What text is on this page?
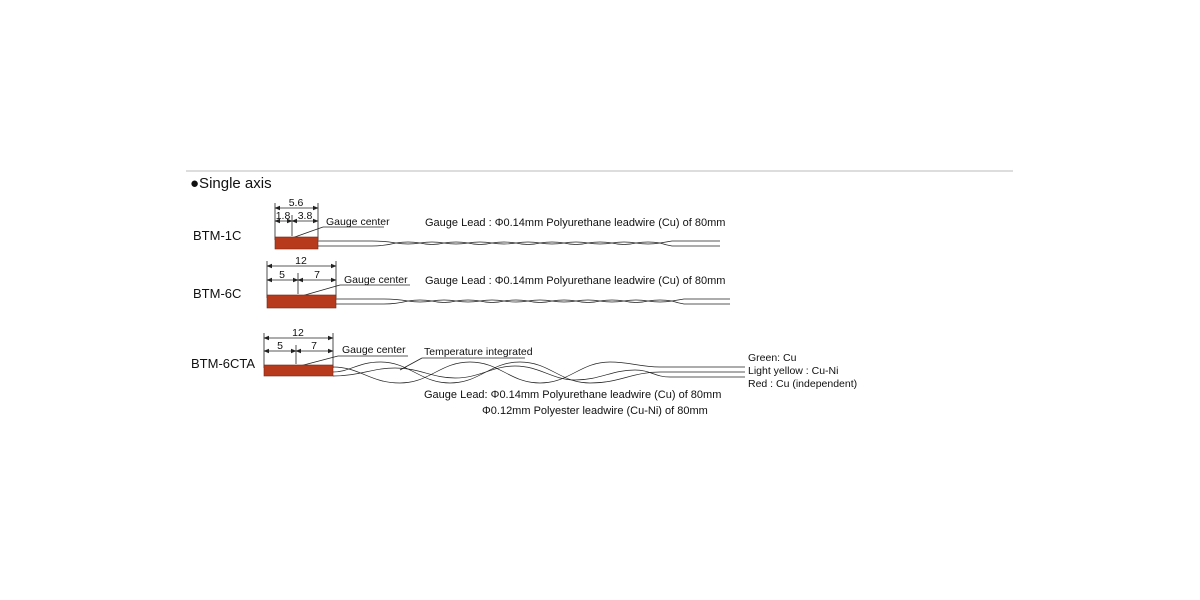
●Single axis
BTM-1C
5.6
1.8 3.8 Gauge center	Gauge Lead : Φ0.14mm Polyurethane leadwire (Cu) of 80mm
BTM-6C
12
5	7 Gauge center Gauge Lead : Φ0.14mm Polyurethane leadwire (Cu) of 80mm
BTM-6CTA
12
5	7 Gauge center Temperature integrated	Green: Cu
Light yellow : Cu-Ni
Red : Cu (independent)
Gauge Lead: Φ0.14mm Polyurethane leadwire (Cu) of 80mm
Φ0.12mm Polyester leadwire (Cu-Ni) of 80mm
